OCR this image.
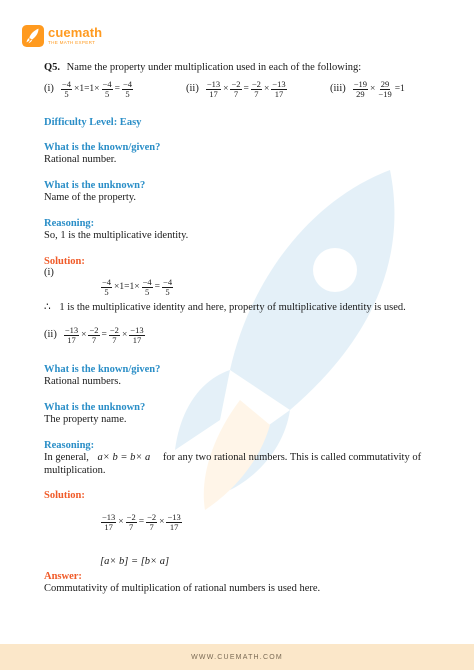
cuemath
THE MATH EXPERT
Q5. Name the property under multiplication used in each of the following:
$(i) \frac{-4}{5} \times 1=1\times \frac{-4}{5} = \frac{-4}{5}$	$(ii) \frac{-13}{17} \times \frac{-2}{7} = \frac{-2}{7} \times \frac{-13}{17}$	$(iii) \frac{-19}{29} \times \frac{29}{-19} =1$
Difficulty Level: Easy
What is the known/given?
Rational number.
What is the unknown?
Name of the property.
Reasoning:
So, 1 is the multiplicative identity.
Solution:
(i)
$\frac{-4}{5} \times 1=1\times \frac{-4}{5} = \frac{-4}{5}$
∴ 1 is the multiplicative identity and here, property of multiplicative identity is used.
$(ii) \frac{-13}{17} \times \frac{-2}{7} = \frac{-2}{7} \times \frac{-13}{17}$
What is the known/given?
Rational numbers.
What is the unknown?
The property name.
Reasoning:
In general, a× b = b× a for any two rational numbers. This is called commutativity of
multiplication.
Solution:
$\frac{-13}{17} \times \frac{-2}{7} = \frac{-2}{7} \times \frac{-13}{17}$
[a× b] = [b× a]
Answer:
Commutativity of multiplication of rational numbers is used here.
WWW.CUEMATH.COM
